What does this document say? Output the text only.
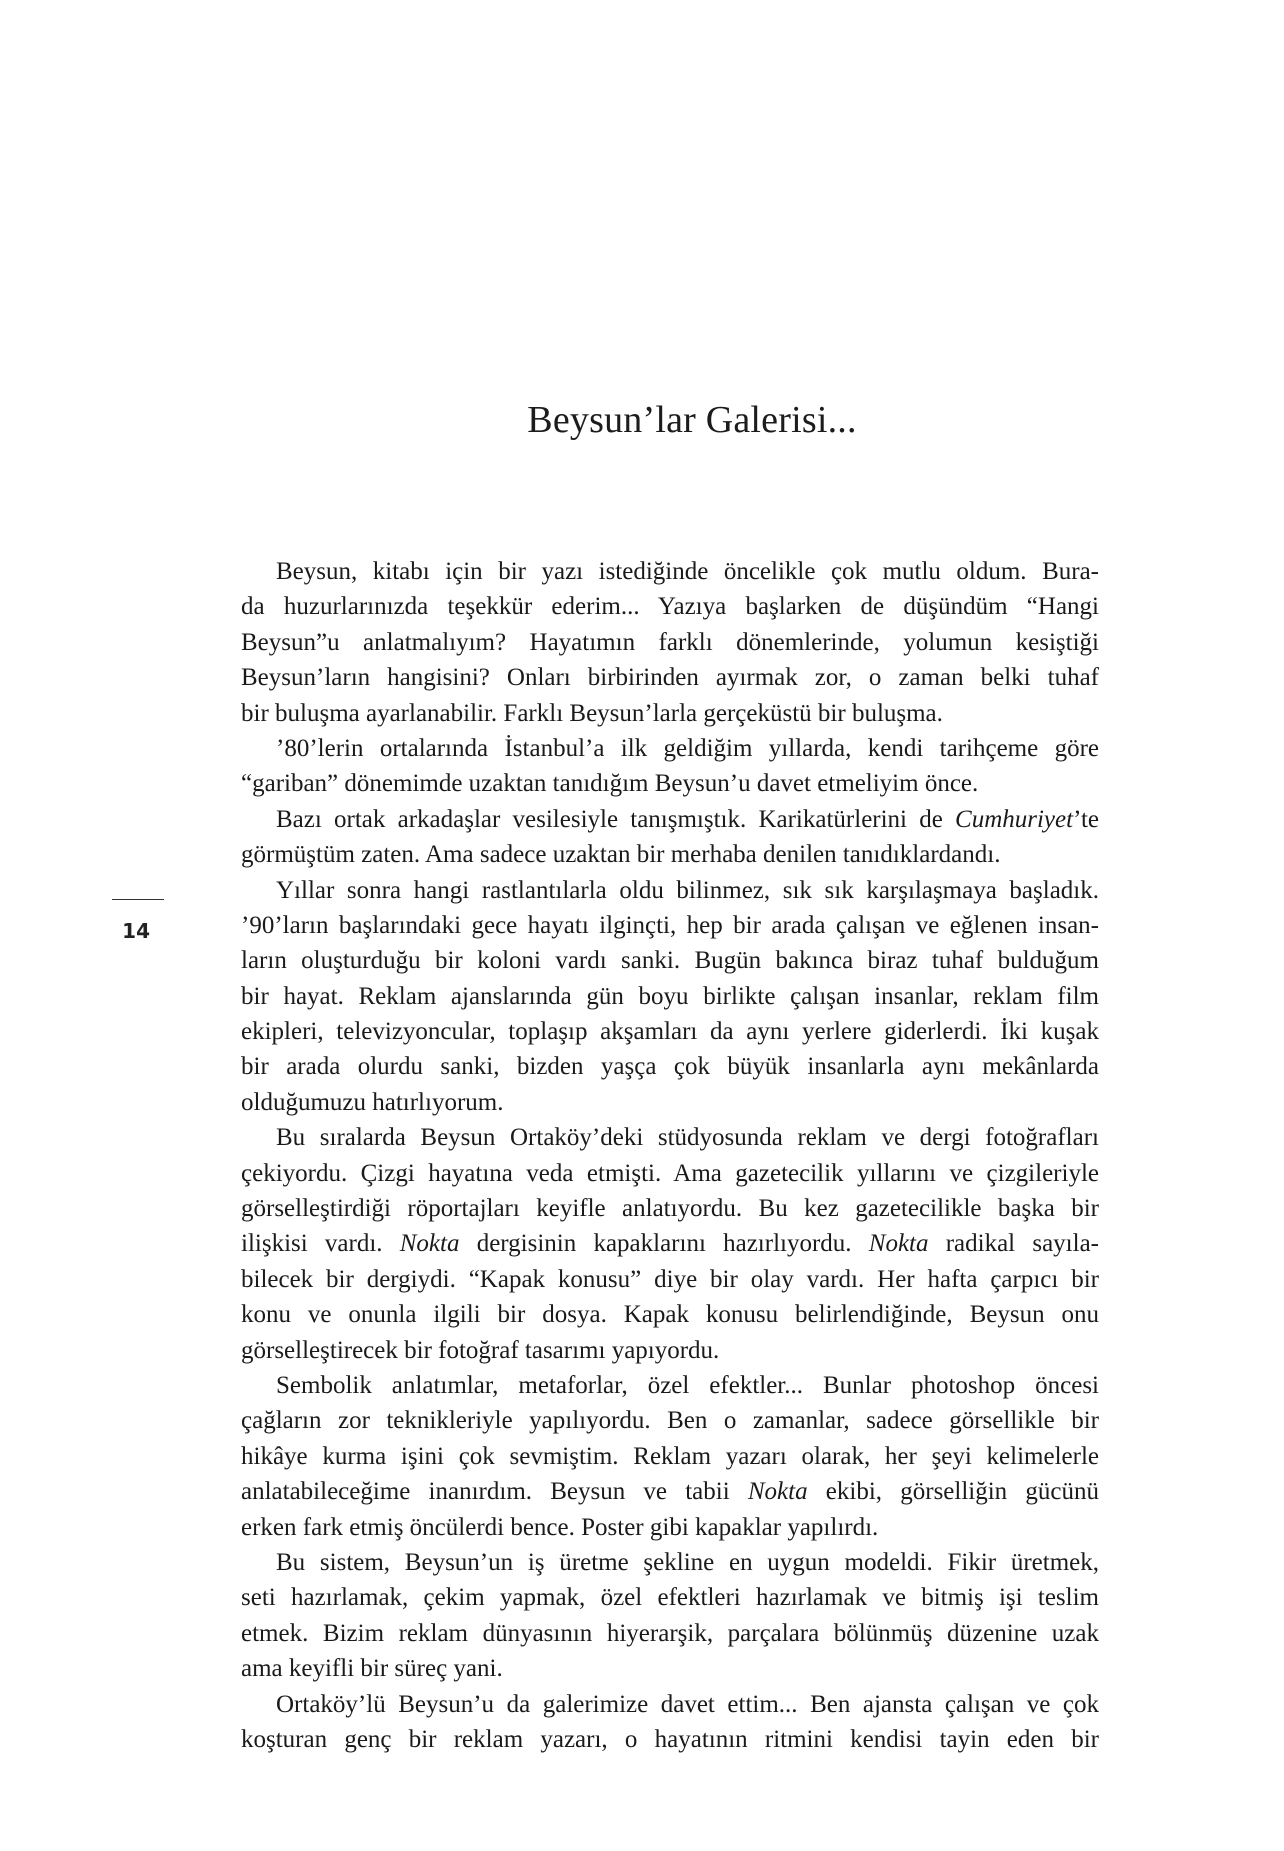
Beysun’lar Galerisi...
14
Beysun, kitabı için bir yazı istediğinde öncelikle çok mutlu oldum. Bura-
da huzurlarınızda teşekkür ederim... Yazıya başlarken de düşündüm “Hangi
Beysun”u anlatmalıyım? Hayatımın farklı dönemlerinde, yolumun kesiştiği
Beysun’ların hangisini? Onları birbirinden ayırmak zor, o zaman belki tuhaf
bir buluşma ayarlanabilir. Farklı Beysun’larla gerçeküstü bir buluşma.
’80’lerin ortalarında İstanbul’a ilk geldiğim yıllarda, kendi tarihçeme göre
“gariban” dönemimde uzaktan tanıdığım Beysun’u davet etmeliyim önce.
Bazı ortak arkadaşlar vesilesiyle tanışmıştık. Karikatürlerini de Cumhuriyet’te
görmüştüm zaten. Ama sadece uzaktan bir merhaba denilen tanıdıklardandı.
Yıllar sonra hangi rastlantılarla oldu bilinmez, sık sık karşılaşmaya başladık.
’90’ların başlarındaki gece hayatı ilginçti, hep bir arada çalışan ve eğlenen insan-
ların oluşturduğu bir koloni vardı sanki. Bugün bakınca biraz tuhaf bulduğum
bir hayat. Reklam ajanslarında gün boyu birlikte çalışan insanlar, reklam film
ekipleri, televizyoncular, toplaşıp akşamları da aynı yerlere giderlerdi. İki kuşak
bir arada olurdu sanki, bizden yaşça çok büyük insanlarla aynı mekânlarda
olduğumuzu hatırlıyorum.
Bu sıralarda Beysun Ortaköy’deki stüdyosunda reklam ve dergi fotoğrafları
çekiyordu. Çizgi hayatına veda etmişti. Ama gazetecilik yıllarını ve çizgileriyle
görselleştirdiği röportajları keyifle anlatıyordu. Bu kez gazetecilikle başka bir
ilişkisi vardı. Nokta dergisinin kapaklarını hazırlıyordu. Nokta radikal sayıla-
bilecek bir dergiydi. “Kapak konusu” diye bir olay vardı. Her hafta çarpıcı bir
konu ve onunla ilgili bir dosya. Kapak konusu belirlendiğinde, Beysun onu
görselleştirecek bir fotoğraf tasarımı yapıyordu.
Sembolik anlatımlar, metaforlar, özel efektler... Bunlar photoshop öncesi
çağların zor teknikleriyle yapılıyordu. Ben o zamanlar, sadece görsellikle bir
hikâye kurma işini çok sevmiştim. Reklam yazarı olarak, her şeyi kelimelerle
anlatabileceğime inanırdım. Beysun ve tabii Nokta ekibi, görselliğin gücünü
erken fark etmiş öncülerdi bence. Poster gibi kapaklar yapılırdı.
Bu sistem, Beysun’un iş üretme şekline en uygun modeldi. Fikir üretmek,
seti hazırlamak, çekim yapmak, özel efektleri hazırlamak ve bitmiş işi teslim
etmek. Bizim reklam dünyasının hiyerarşik, parçalara bölünmüş düzenine uzak
ama keyifli bir süreç yani.
Ortaköy’lü Beysun’u da galerimize davet ettim... Ben ajansta çalışan ve çok
koşturan genç bir reklam yazarı, o hayatının ritmini kendisi tayin eden bir
